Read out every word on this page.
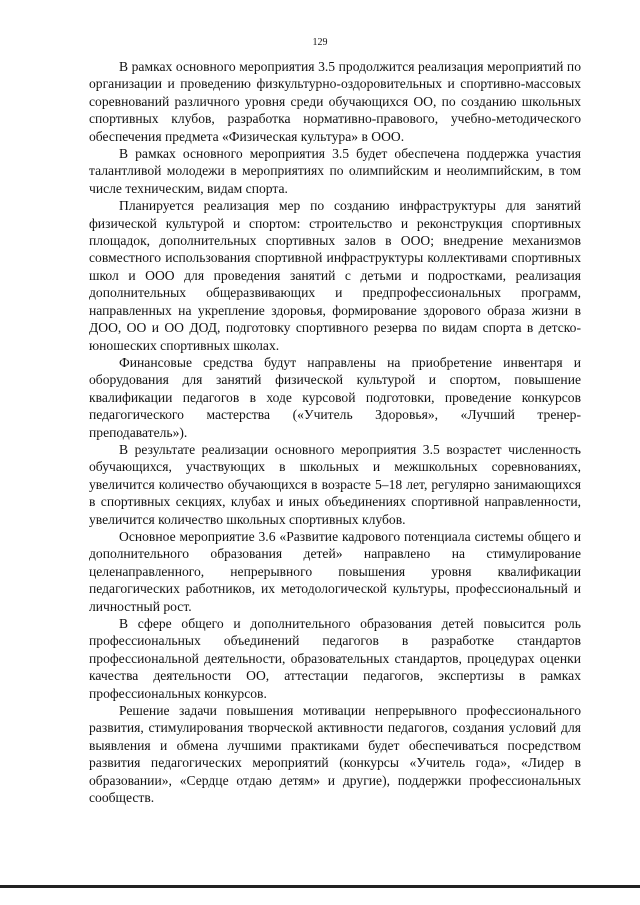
129

В рамках основного мероприятия 3.5 продолжится реализация мероприятий по организации и проведению физкультурно-оздоровительных и спортивно-массовых соревнований различного уровня среди обучающихся ОО, по созданию школьных спортивных клубов, разработка нормативно-правового, учебно-методического обеспечения предмета «Физическая культура» в ООО.

В рамках основного мероприятия 3.5 будет обеспечена поддержка участия талантливой молодежи в мероприятиях по олимпийским и неолимпийским, в том числе техническим, видам спорта.

Планируется реализация мер по созданию инфраструктуры для занятий физической культурой и спортом: строительство и реконструкция спортивных площадок, дополнительных спортивных залов в ООО; внедрение механизмов совместного использования спортивной инфраструктуры коллективами спортивных школ и ООО для проведения занятий с детьми и подростками, реализация дополнительных общеразвивающих и предпрофессиональных программ, направленных на укрепление здоровья, формирование здорового образа жизни в ДОО, ОО и ОО ДОД, подготовку спортивного резерва по видам спорта в детско-юношеских спортивных школах.

Финансовые средства будут направлены на приобретение инвентаря и оборудования для занятий физической культурой и спортом, повышение квалификации педагогов в ходе курсовой подготовки, проведение конкурсов педагогического мастерства («Учитель Здоровья», «Лучший тренер-преподаватель»).

В результате реализации основного мероприятия 3.5 возрастет численность обучающихся, участвующих в школьных и межшкольных соревнованиях, увеличится количество обучающихся в возрасте 5–18 лет, регулярно занимающихся в спортивных секциях, клубах и иных объединениях спортивной направленности, увеличится количество школьных спортивных клубов.

Основное мероприятие 3.6 «Развитие кадрового потенциала системы общего и дополнительного образования детей» направлено на стимулирование целенаправленного, непрерывного повышения уровня квалификации педагогических работников, их методологической культуры, профессиональный и личностный рост.

В сфере общего и дополнительного образования детей повысится роль профессиональных объединений педагогов в разработке стандартов профессиональной деятельности, образовательных стандартов, процедурах оценки качества деятельности ОО, аттестации педагогов, экспертизы в рамках профессиональных конкурсов.

Решение задачи повышения мотивации непрерывного профессионального развития, стимулирования творческой активности педагогов, создания условий для выявления и обмена лучшими практиками будет обеспечиваться посредством развития педагогических мероприятий (конкурсы «Учитель года», «Лидер в образовании», «Сердце отдаю детям» и другие), поддержки профессиональных сообществ.
